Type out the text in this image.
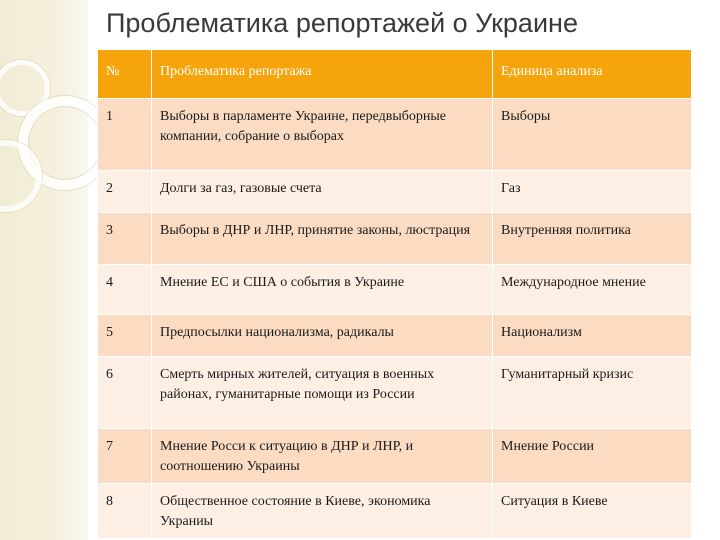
Проблематика репортажей о Украине
№	Проблематика репортажа	Единица анализа
1	Выборы в парламенте Украине, передвыборные компании, собрание о выборах	Выборы
2	Долги за газ, газовые счета	Газ
3	Выборы в ДНР и ЛНР, принятие законы, люстрация	Внутренняя политика
4	Мнение ЕС и США о события в Украине	Международное мнение
5	Предпосылки национализма, радикалы	Национализм
6	Смерть мирных жителей, ситуация в военных районах, гуманитарные помощи из России	Гуманитарный кризис
7	Мнение Росси к ситуацию в ДНР и ЛНР, и соотношению Украины	Мнение России
8	Общественное состояние в Киеве, экономика Украниы	Ситуация в Киеве
